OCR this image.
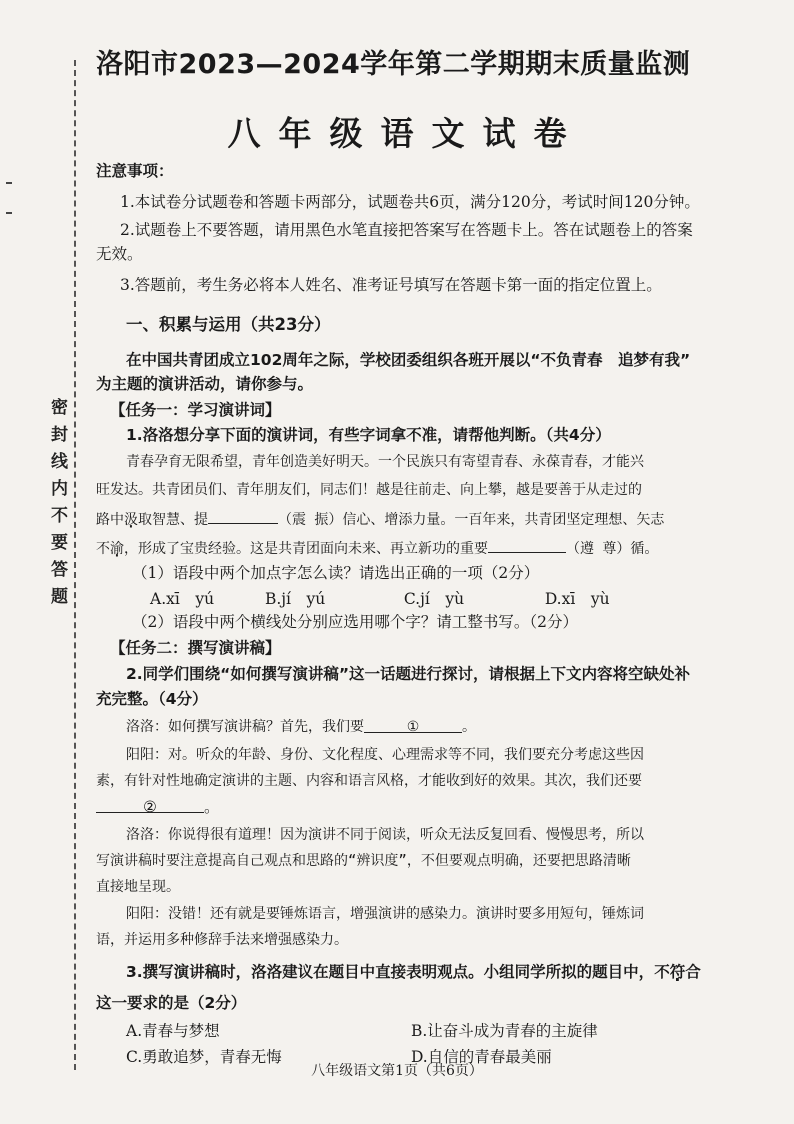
密封线内不要答题
洛阳市2023—2024学年第二学期期末质量监测
八年级语文试卷
注意事项：
1.本试卷分试题卷和答题卡两部分，试题卷共6页，满分120分，考试时间120分钟。
2.试题卷上不要答题，请用黑色水笔直接把答案写在答题卡上。答在试题卷上的答案
无效。
3.答题前，考生务必将本人姓名、准考证号填写在答题卡第一面的指定位置上。
一、积累与运用（共23分）
在中国共青团成立102周年之际，学校团委组织各班开展以“不负青春　追梦有我”
为主题的演讲活动，请你参与。
【任务一：学习演讲词】
1.洛洛想分享下面的演讲词，有些字词拿不准，请帮他判断。（共4分）
青春孕育无限希望，青年创造美好明天。一个民族只有寄望青春、永葆青春，才能兴
旺发达。共青团员们、青年朋友们，同志们！越是往前走、向上攀，越是要善于从走过的
路中汲取智慧、提	（震 振）信心、增添力量。一百年来，共青团坚定理想、矢志
不渝，形成了宝贵经验。这是共青团面向未来、再立新功的重要	（遵 尊）循。
（1）语段中两个加点字怎么读？请选出正确的一项（2分）
A.xī　yú	B.jí　yú	C.jí　yù	D.xī　yù
（2）语段中两个横线处分别应选用哪个字？请工整书写。（2分）
【任务二：撰写演讲稿】
2.同学们围绕“如何撰写演讲稿”这一话题进行探讨，请根据上下文内容将空缺处补
充完整。（4分）
洛洛：如何撰写演讲稿？首先，我们要	①	。
阳阳：对。听众的年龄、身份、文化程度、心理需求等不同，我们要充分考虑这些因
素，有针对性地确定演讲的主题、内容和语言风格，才能收到好的效果。其次，我们还要
②	。
洛洛：你说得很有道理！因为演讲不同于阅读，听众无法反复回看、慢慢思考，所以
写演讲稿时要注意提高自己观点和思路的“辨识度”，不但要观点明确，还要把思路清晰
直接地呈现。
阳阳：没错！还有就是要锤炼语言，增强演讲的感染力。演讲时要多用短句，锤炼词
语，并运用多种修辞手法来增强感染力。
3.撰写演讲稿时，洛洛建议在题目中直接表明观点。小组同学所拟的题目中，不符合
这一要求的是（2分）
A.青春与梦想	B.让奋斗成为青春的主旋律
C.勇敢追梦，青春无悔	D.自信的青春最美丽
八年级语文第1页（共6页）
